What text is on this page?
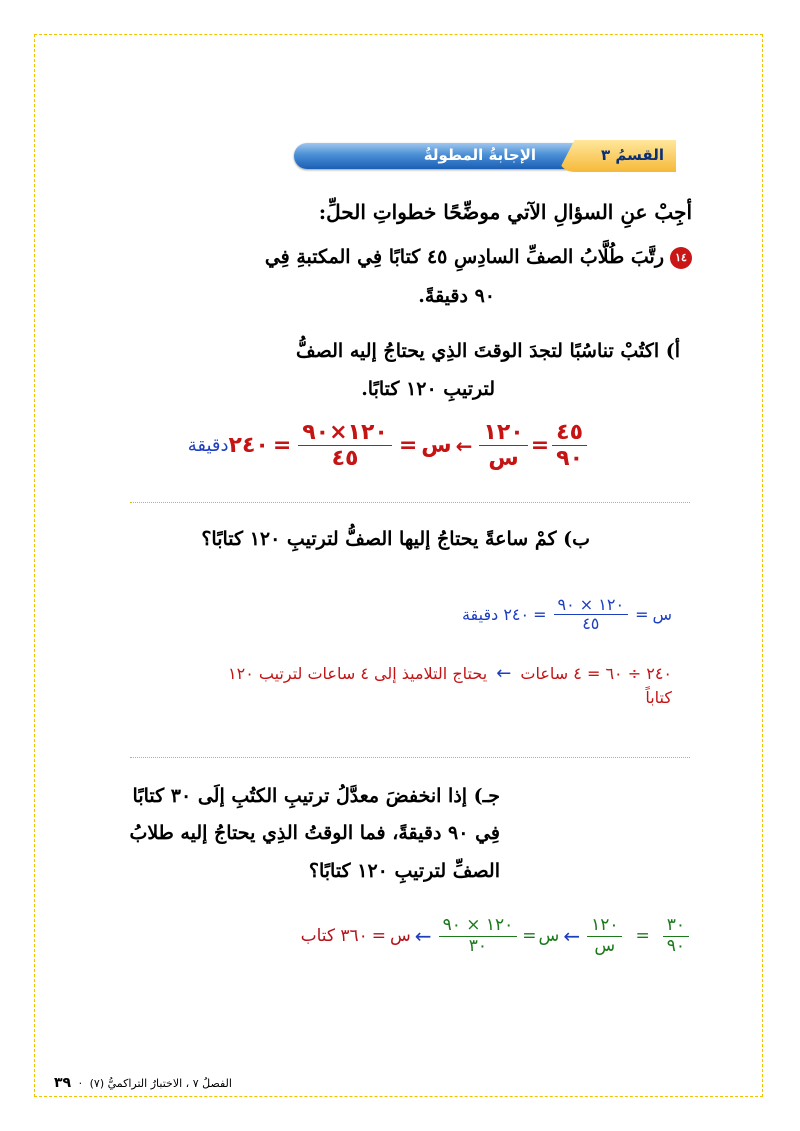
القسمُ ٣
الإجابةُ المطولةُ
أجِبْ عنِ السؤالِ الآتي موضِّحًا خطواتِ الحلِّ:
١٤رتَّبَ طُلَّابُ الصفِّ السادِسِ ٤٥ كتابًا فِي المكتبةِ فِي
٩٠ دقيقةً.
أ) اكتُبْ تناسُبًا لتجدَ الوقتَ الذِي يحتاجُ إليه الصفُّ
لترتيبِ ١٢٠ كتابًا.
$\frac{٤٥}{٩٠}$
=
$\frac{١٢٠}{\text{س}}$
←
س
=
$\frac{١٢٠\times ٩٠}{٤٥}$
=
٢٤٠
دقيقة
ب) كمْ ساعةً يحتاجُ إليها الصفُّ لترتيبِ ١٢٠ كتابًا؟
س
=
$\frac{١٢٠ \times ٩٠}{٤٥}$
=
٢٤٠ دقيقة
٢٤٠ ÷ ٦٠ = ٤ ساعات ← يحتاج التلاميذ إلى ٤ ساعات لترتيب ١٢٠
كتاباً
جـ) إذا انخفضَ معدَّلُ ترتيبِ الكتُبِ إلَى ٣٠ كتابًا
فِي ٩٠ دقيقةً، فما الوقتُ الذِي يحتاجُ إليه طلابُ
الصفِّ لترتيبِ ١٢٠ كتابًا؟
$\frac{٣٠}{٩٠}$
=
$\frac{١٢٠}{\text{س}}$
←
س
=
$\frac{١٢٠ \times ٩٠}{٣٠}$
←
س
=
٣٦٠ كتاب
الفصلُ ٧ ، الاختبارُ التراكميُّ (٧) · ٣٩
